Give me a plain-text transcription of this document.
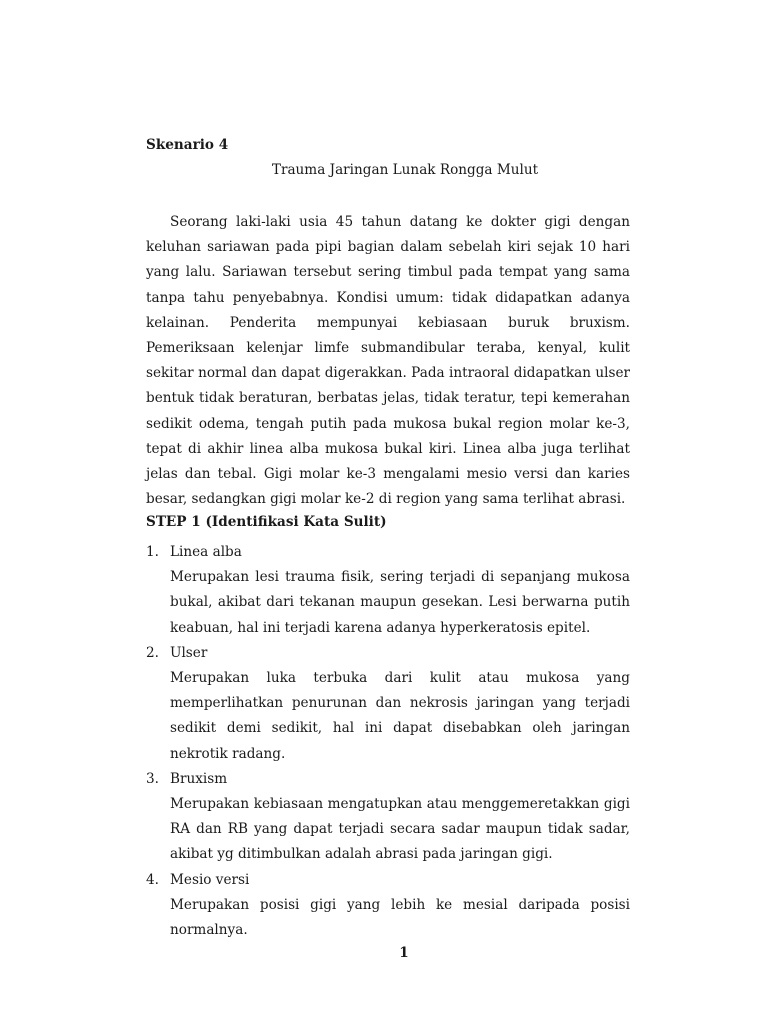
Skenario 4
Trauma Jaringan Lunak Rongga Mulut

Seorang laki-laki usia 45 tahun datang ke dokter gigi dengan keluhan sariawan pada pipi bagian dalam sebelah kiri sejak 10 hari yang lalu. Sariawan tersebut sering timbul pada tempat yang sama tanpa tahu penyebabnya. Kondisi umum: tidak didapatkan adanya kelainan. Penderita mempunyai kebiasaan buruk bruxism. Pemeriksaan kelenjar limfe submandibular teraba, kenyal, kulit sekitar normal dan dapat digerakkan. Pada intraoral didapatkan ulser bentuk tidak beraturan, berbatas jelas, tidak teratur, tepi kemerahan sedikit odema, tengah putih pada mukosa bukal region molar ke-3, tepat di akhir linea alba mukosa bukal kiri. Linea alba juga terlihat jelas dan tebal. Gigi molar ke-3 mengalami mesio versi dan karies besar, sedangkan gigi molar ke-2 di region yang sama terlihat abrasi.

STEP 1 (Identifikasi Kata Sulit)
1. Linea alba
Merupakan lesi trauma fisik, sering terjadi di sepanjang mukosa bukal, akibat dari tekanan maupun gesekan. Lesi berwarna putih keabuan, hal ini terjadi karena adanya hyperkeratosis epitel.
2. Ulser
Merupakan luka terbuka dari kulit atau mukosa yang memperlihatkan penurunan dan nekrosis jaringan yang terjadi sedikit demi sedikit, hal ini dapat disebabkan oleh jaringan nekrotik radang.
3. Bruxism
Merupakan kebiasaan mengatupkan atau menggemeretakkan gigi RA dan RB yang dapat terjadi secara sadar maupun tidak sadar, akibat yg ditimbulkan adalah abrasi pada jaringan gigi.
4. Mesio versi
Merupakan posisi gigi yang lebih ke mesial daripada posisi normalnya.
1
